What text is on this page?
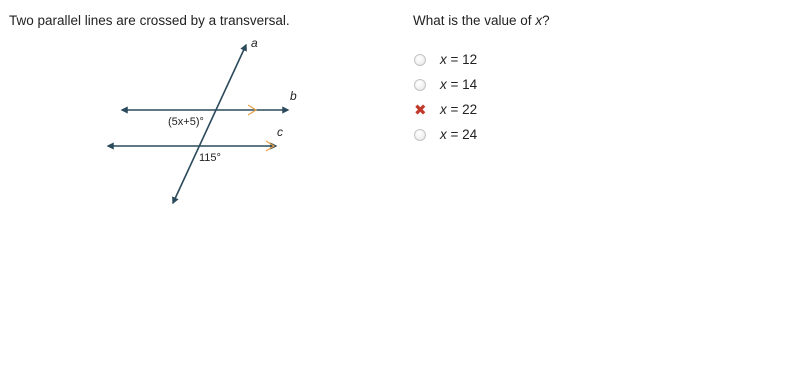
Two parallel lines are crossed by a transversal.
a
b
c
(5x+5)°
115°
What is the value of x?
x = 12
x = 14
✖ x = 22
x = 24
